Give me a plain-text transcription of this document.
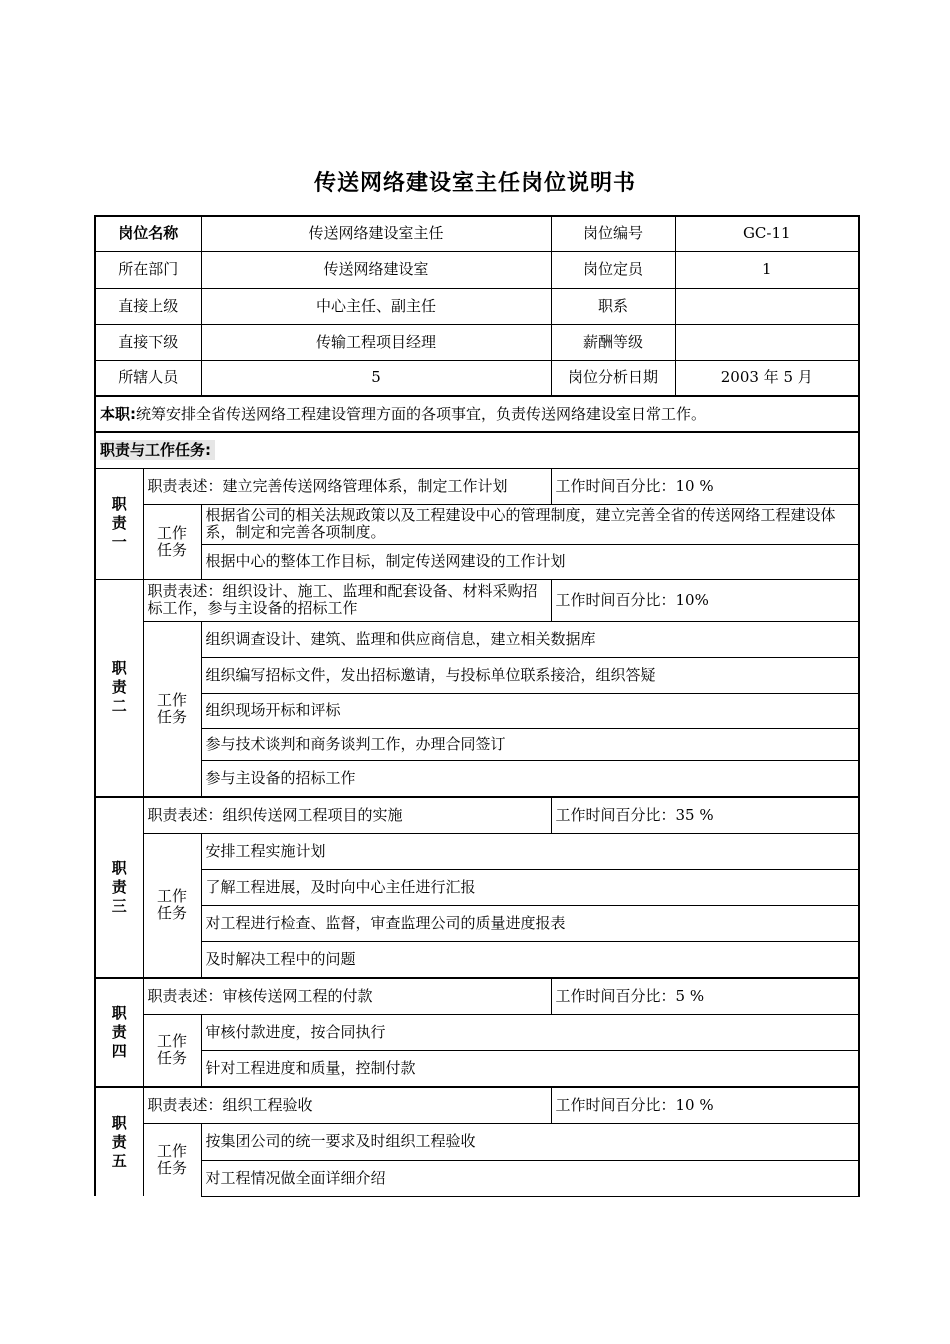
传送网络建设室主任岗位说明书
岗位名称		传送网络建设室主任	岗位编号	GC-11
所在部门		传送网络建设室	岗位定员	1
直接上级		中心主任、副主任	职系	
直接下级		传输工程项目经理	薪酬等级	
所辖人员		5	岗位分析日期	2003 年 5 月
本职:统筹安排全省传送网络工程建设管理方面的各项事宜，负责传送网络建设室日常工作。				
职责与工作任务:				

职责一	职责表述：建立完善传送网络管理体系，制定工作计划		工作时间百分比：10 %	
	工作
任务	根据省公司的相关法规政策以及工程建设中心的管理制度，建立完善全省的传送网络工程建设体系，制定和完善各项制度。		
		根据中心的整体工作目标，制定传送网建设的工作计划		

职责二	职责表述：组织设计、施工、监理和配套设备、材料采购招标工作，参与主设备的招标工作		工作时间百分比：10%	
	工作
任务	组织调查设计、建筑、监理和供应商信息，建立相关数据库		
		组织编写招标文件，发出招标邀请，与投标单位联系接洽，组织答疑		
		组织现场开标和评标		
		参与技术谈判和商务谈判工作，办理合同签订		
		参与主设备的招标工作		

职责三	职责表述：组织传送网工程项目的实施		工作时间百分比：35 %	
	工作
任务	安排工程实施计划		
		了解工程进展，及时向中心主任进行汇报		
		对工程进行检查、监督，审查监理公司的质量进度报表		
		及时解决工程中的问题		

职责四	职责表述：审核传送网工程的付款		工作时间百分比：5 %	
	工作
任务	审核付款进度，按合同执行		
		针对工程进度和质量，控制付款		

职责五	职责表述：组织工程验收		工作时间百分比：10 %	
	工作
任务	按集团公司的统一要求及时组织工程验收		
		对工程情况做全面详细介绍		
